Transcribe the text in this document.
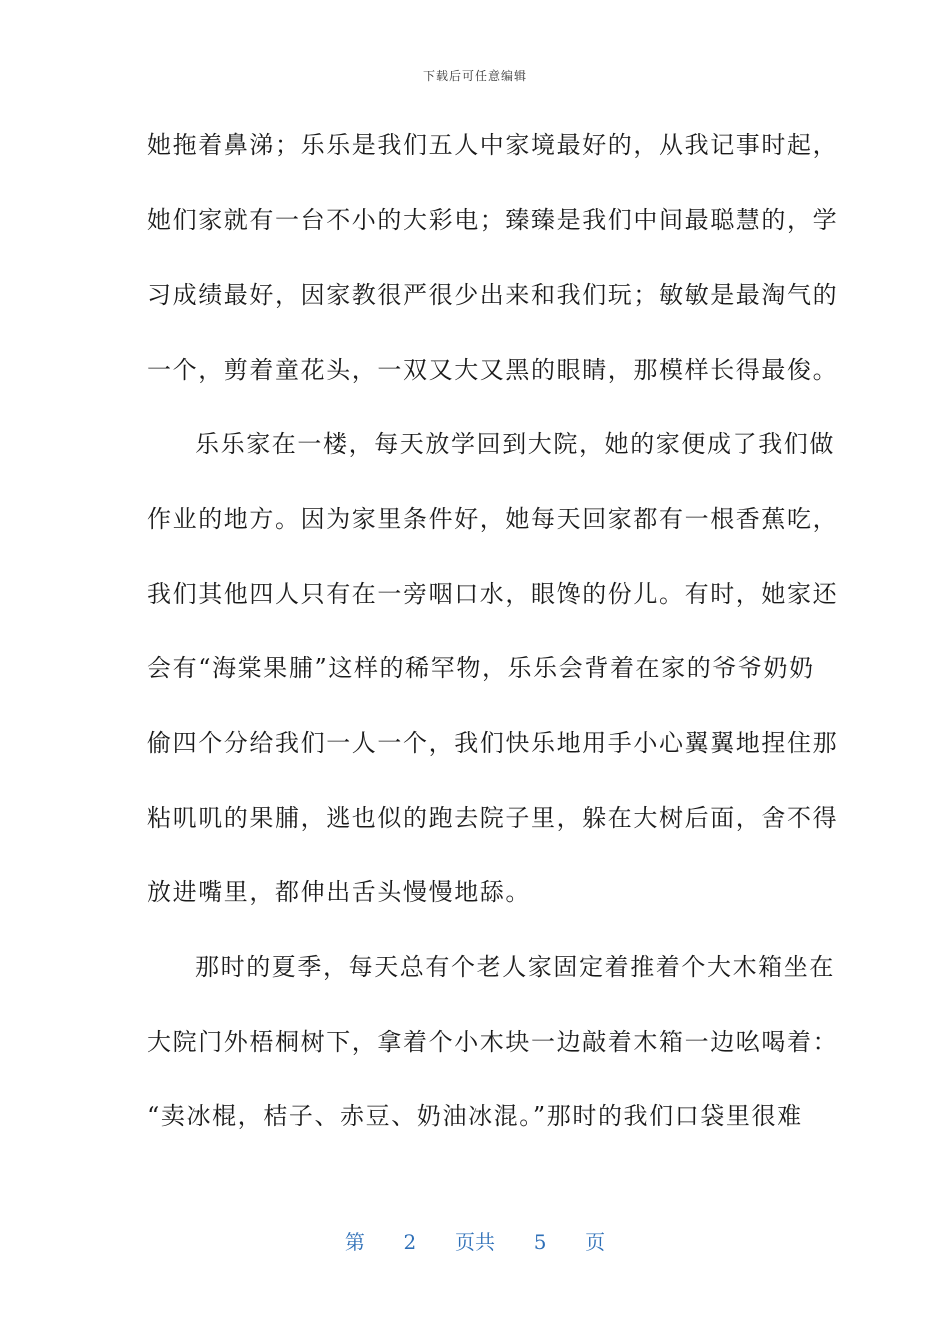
下载后可任意编辑
她拖着鼻涕；乐乐是我们五人中家境最好的，从我记事时起，
她们家就有一台不小的大彩电；臻臻是我们中间最聪慧的，学
习成绩最好，因家教很严很少出来和我们玩；敏敏是最淘气的
一个，剪着童花头，一双又大又黑的眼睛，那模样长得最俊。
乐乐家在一楼，每天放学回到大院，她的家便成了我们做
作业的地方。因为家里条件好，她每天回家都有一根香蕉吃，
我们其他四人只有在一旁咽口水，眼馋的份儿。有时，她家还
会有“海棠果脯”这样的稀罕物，乐乐会背着在家的爷爷奶奶
偷四个分给我们一人一个，我们快乐地用手小心翼翼地捏住那
粘叽叽的果脯，逃也似的跑去院子里，躲在大树后面，舍不得
放进嘴里，都伸出舌头慢慢地舔。
那时的夏季，每天总有个老人家固定着推着个大木箱坐在
大院门外梧桐树下，拿着个小木块一边敲着木箱一边吆喝着：
“卖冰棍，桔子、赤豆、奶油冰混。”那时的我们口袋里很难
第 2 页共 5 页
